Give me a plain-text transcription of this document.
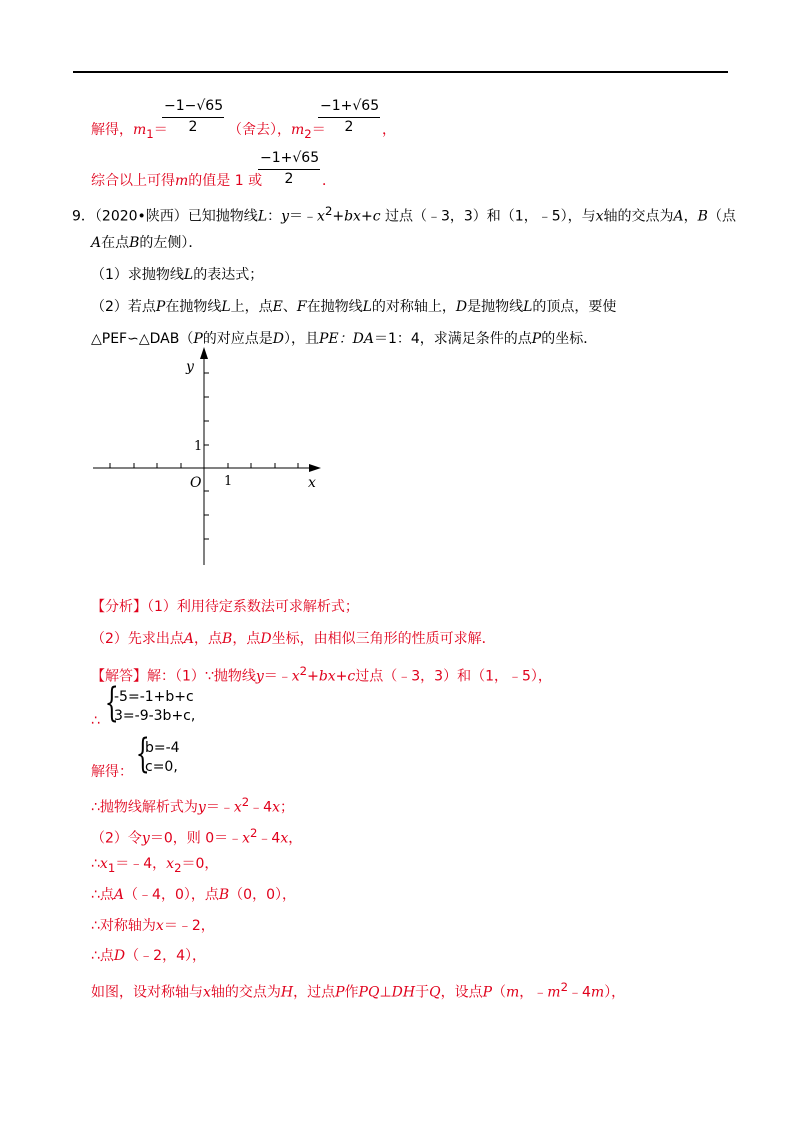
解得，$m_1=$
$\frac{-1-√65}{2}$ （舍去），$m_2=$
$\frac{-1+√65}{2}$ ，
综合以上可得m的值是 1 或
$\frac{-1+√65}{2}$ ．
9．（2020•陕西）已知抛物线L：$y=﹣x^2+bx+c$ 过点（﹣3，3）和（1，﹣5），与x轴的交点为A，B（点
A在点B的左侧）．
（1）求抛物线L的表达式；
（2）若点P在抛物线L上，点E、F在抛物线L的对称轴上，D是抛物线L的顶点，要使
△PEF∽△DAB（P的对应点是D），且PE：DA＝1：4，求满足条件的点P的坐标．
y
x
O 1
1
【分析】（1）利用待定系数法可求解析式；
（2）先求出点A，点B，点D坐标，由相似三角形的性质可求解．
【解答】解：（1）∵抛物线$y=﹣x^2+bx+c$过点（﹣3，3）和（1，﹣5），
∴ {
-5=-1+b+c
3=-9-3b+c,
解得： {
b=-4
c=0,
∴抛物线解析式为$y=﹣x^2﹣4x$；
（2）令y＝0，则 $0=﹣x^2﹣4x$，
$\therefore x_1=﹣4$，$x_2=0$，
∴点A（﹣4，0），点B（0，0），
∴对称轴为x＝﹣2，
∴点D（﹣2，4），
如图，设对称轴与x轴的交点为H，过点P作PQ⊥DH于Q，设点P（m，$﹣m^2﹣4m$），
